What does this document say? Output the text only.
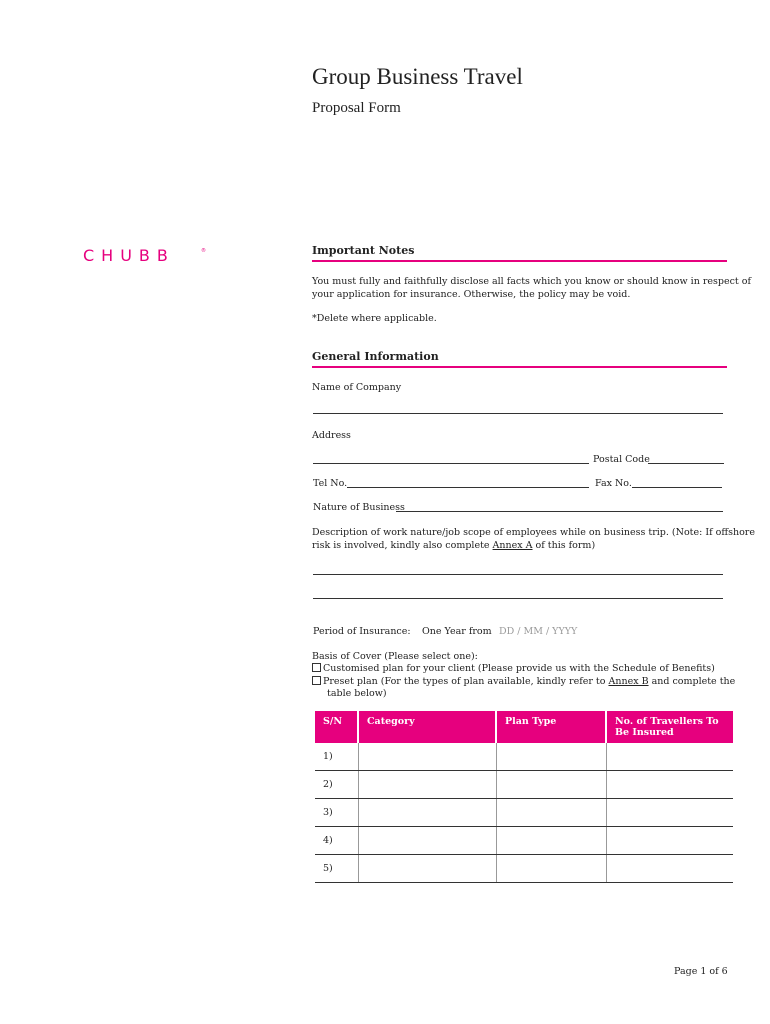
Group Business Travel
Proposal Form
CHUBB	®	Important Notes
You must fully and faithfully disclose all facts which you know or should know in respect of
your application for insurance. Otherwise, the policy may be void.
*Delete where applicable.
General Information
Name of Company
Address
Postal Code
Tel No.	Fax No.
Nature of Business
Description of work nature/job scope of employees while on business trip. (Note: If offshore
risk is involved, kindly also complete Annex A of this form)
Period of Insurance: One Year from DD / MM / YYYY
Basis of Cover (Please select one):
Customised plan for your client (Please provide us with the Schedule of Benefits)
Preset plan (For the types of plan available, kindly refer to Annex B and complete the
table below)
S/N	Category	Plan Type	No. of Travellers To Be Insured
1)			
2)			
3)			
4)			
5)			
Page 1 of 6
